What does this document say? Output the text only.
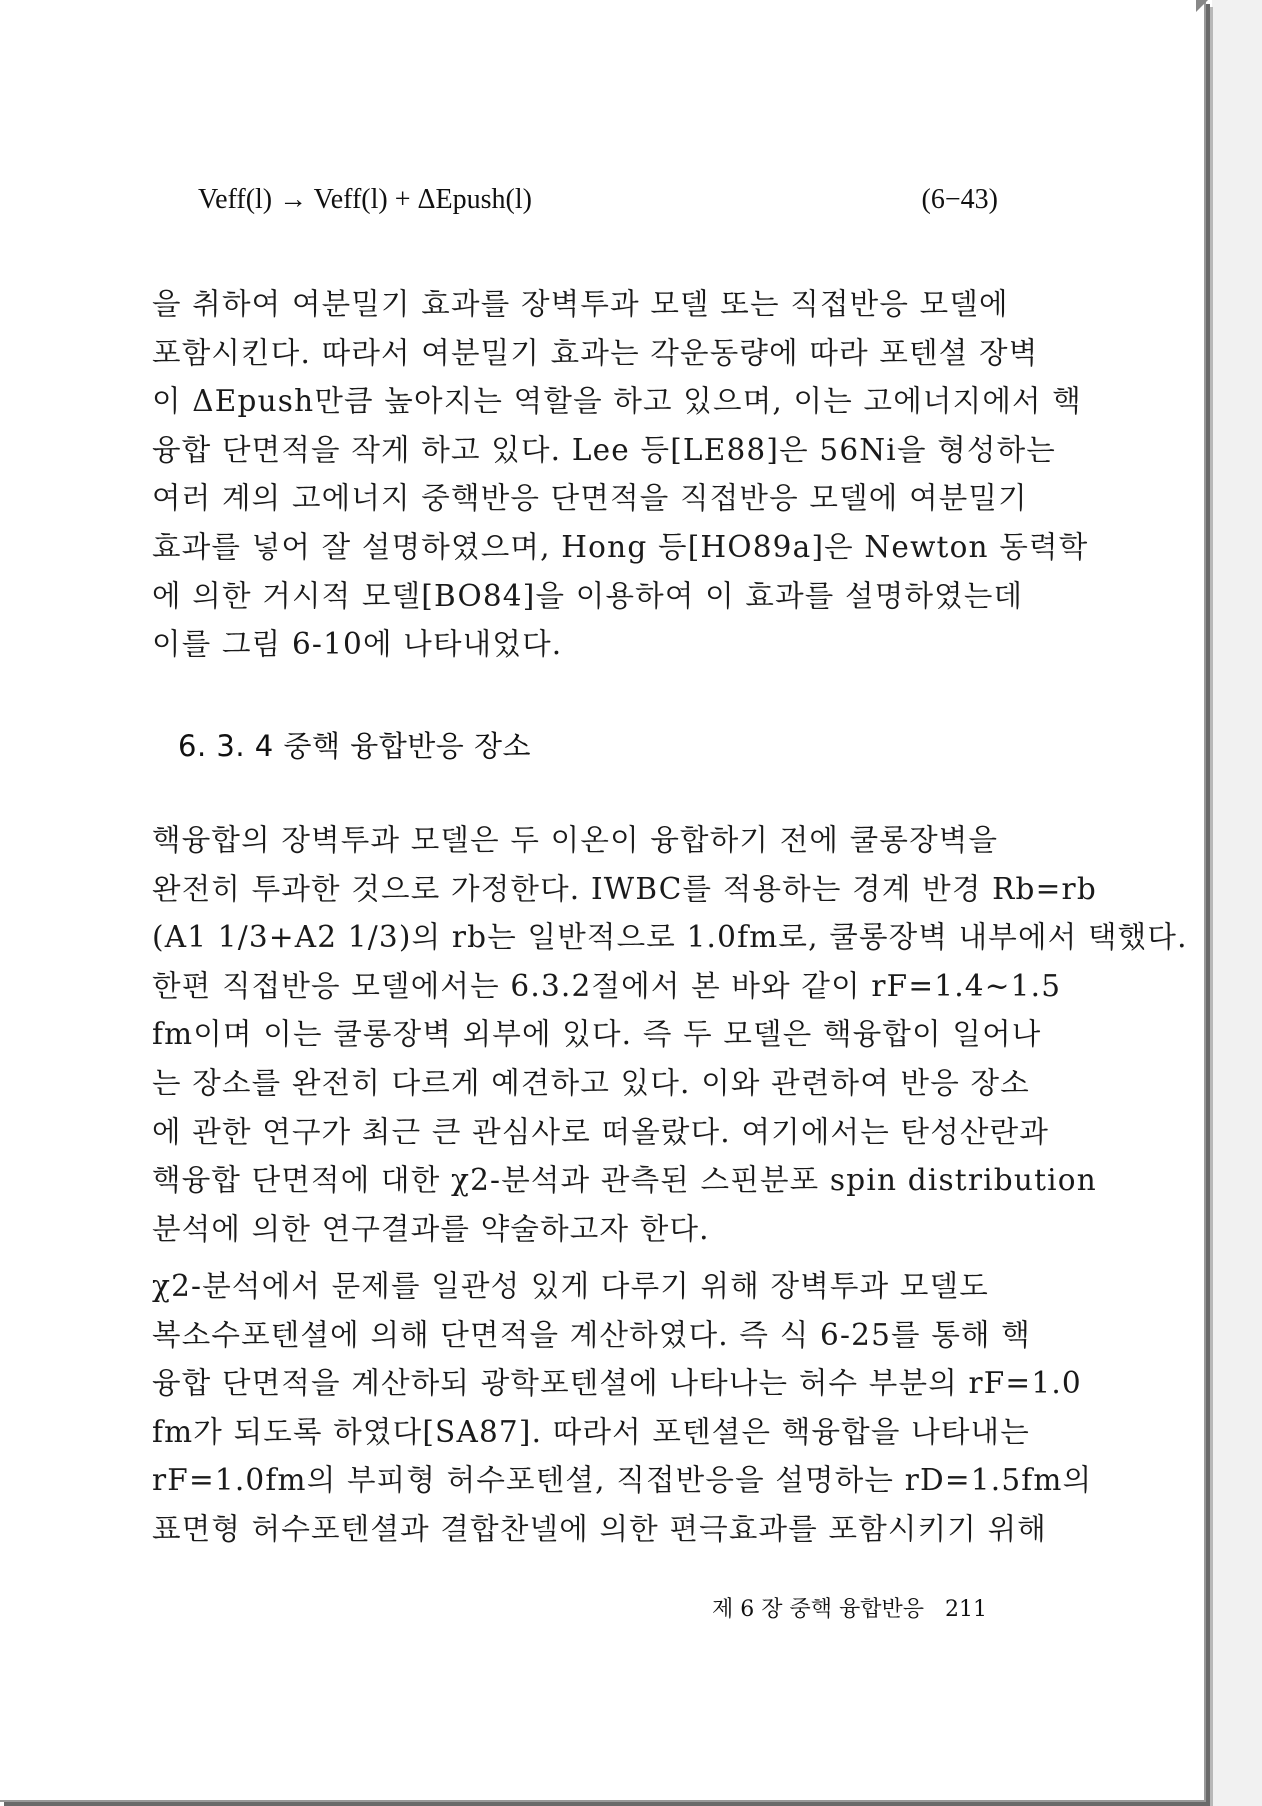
Veff(l) → Veff(l) + ΔEpush(l)	(6−43)
을 취하여 여분밀기 효과를 장벽투과 모델 또는 직접반응 모델에
포함시킨다. 따라서 여분밀기 효과는 각운동량에 따라 포텐셜 장벽
이 ΔEpush만큼 높아지는 역할을 하고 있으며, 이는 고에너지에서 핵
융합 단면적을 작게 하고 있다. Lee 등[LE88]은 56Ni을 형성하는
여러 계의 고에너지 중핵반응 단면적을 직접반응 모델에 여분밀기
효과를 넣어 잘 설명하였으며, Hong 등[HO89a]은 Newton 동력학
에 의한 거시적 모델[BO84]을 이용하여 이 효과를 설명하였는데
이를 그림 6-10에 나타내었다.
6. 3. 4 중핵 융합반응 장소
핵융합의 장벽투과 모델은 두 이온이 융합하기 전에 쿨롱장벽을
완전히 투과한 것으로 가정한다. IWBC를 적용하는 경계 반경 Rb=rb
(A1 1/3+A2 1/3)의 rb는 일반적으로 1.0fm로, 쿨롱장벽 내부에서 택했다.
한편 직접반응 모델에서는 6.3.2절에서 본 바와 같이 rF=1.4~1.5
fm이며 이는 쿨롱장벽 외부에 있다. 즉 두 모델은 핵융합이 일어나
는 장소를 완전히 다르게 예견하고 있다. 이와 관련하여 반응 장소
에 관한 연구가 최근 큰 관심사로 떠올랐다. 여기에서는 탄성산란과
핵융합 단면적에 대한 χ2-분석과 관측된 스핀분포 spin distribution
분석에 의한 연구결과를 약술하고자 한다.
χ2-분석에서 문제를 일관성 있게 다루기 위해 장벽투과 모델도
복소수포텐셜에 의해 단면적을 계산하였다. 즉 식 6-25를 통해 핵
융합 단면적을 계산하되 광학포텐셜에 나타나는 허수 부분의 rF=1.0
fm가 되도록 하였다[SA87]. 따라서 포텐셜은 핵융합을 나타내는
rF=1.0fm의 부피형 허수포텐셜, 직접반응을 설명하는 rD=1.5fm의
표면형 허수포텐셜과 결합찬넬에 의한 편극효과를 포함시키기 위해
제 6 장 중핵 융합반응 211
